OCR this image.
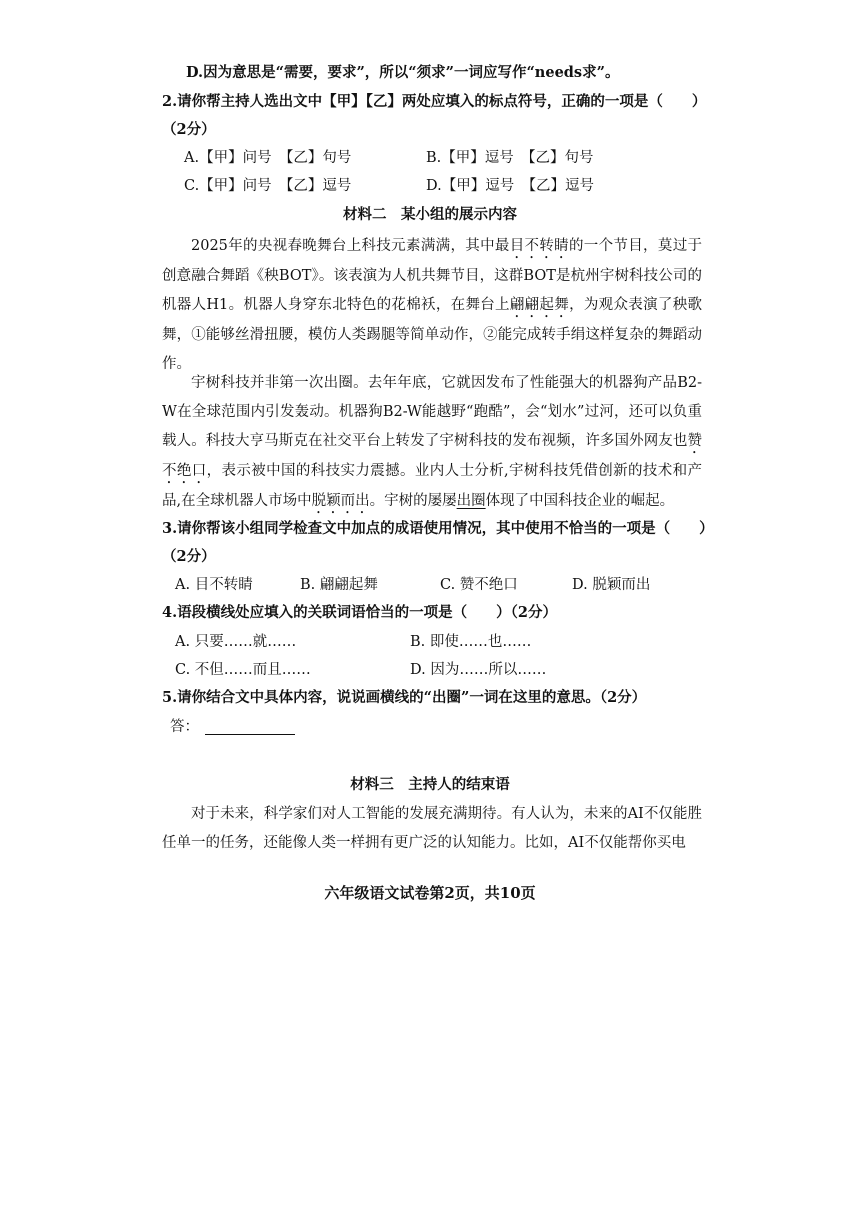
D.因为意思是“需要，要求”，所以“须求”一词应写作“needs求”。
2.请你帮主持人选出文中【甲】【乙】两处应填入的标点符号，正确的一项是（　　）
（2分）
A.【甲】问号　【乙】句号	B.【甲】逗号　【乙】句号
C.【甲】问号　【乙】逗号	D.【甲】逗号　【乙】逗号
材料二　某小组的展示内容
2025年的央视春晚舞台上科技元素满满，其中最目不转睛的一个节目，莫过于创意融合舞蹈《秧BOT》。该表演为人机共舞节目，这群BOT是杭州宇树科技公司的机器人H1。机器人身穿东北特色的花棉袄，在舞台上翩翩起舞，为观众表演了秧歌舞，①能够丝滑扭腰，模仿人类踢腿等简单动作，②能完成转手绢这样复杂的舞蹈动作。
宇树科技并非第一次出圈。去年年底，它就因发布了性能强大的机器狗产品B2-W在全球范围内引发轰动。机器狗B2-W能越野“跑酷”，会“划水”过河，还可以负重载人。科技大亨马斯克在社交平台上转发了宇树科技的发布视频，许多国外网友也赞不绝口，表示被中国的科技实力震撼。业内人士分析,宇树科技凭借创新的技术和产品,在全球机器人市场中脱颖而出。宇树的屡屡出圈体现了中国科技企业的崛起。
3.请你帮该小组同学检查文中加点的成语使用情况，其中使用不恰当的一项是（　　）
（2分）
A. 目不转睛	B. 翩翩起舞	C. 赞不绝口	D. 脱颖而出
4.语段横线处应填入的关联词语恰当的一项是（　　）（2分）
A. 只要……就……	B. 即使……也……
C. 不但……而且……	D. 因为……所以……
5.请你结合文中具体内容，说说画横线的“出圈”一词在这里的意思。（2分）
答：
材料三　主持人的结束语
对于未来，科学家们对人工智能的发展充满期待。有人认为，未来的AI不仅能胜任单一的任务，还能像人类一样拥有更广泛的认知能力。比如，AI不仅能帮你买电
六年级语文试卷第2页，共10页
